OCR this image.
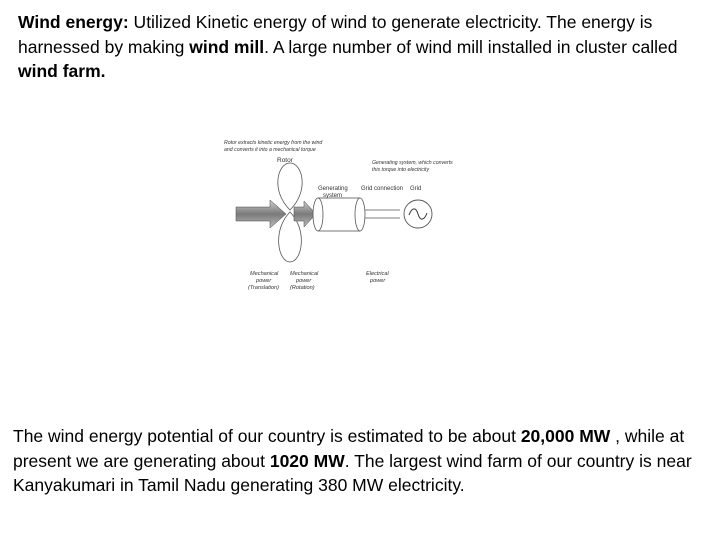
Wind energy: Utilized Kinetic energy of wind to generate electricity. The energy is harnessed by making wind mill. A large number of wind mill installed in cluster called wind farm.

Rotor extracts kinetic energy from the wind
and converts it into a mechanical torque
Rotor
Generating
system
Grid connection Grid
Generating system, which converts
this torque into electricity
Mechanical
power
(Translation)
Mechanical
power
(Rotation)
Electrical
power

The wind energy potential of our country is estimated to be about 20,000 MW , while at present we are generating about 1020 MW. The largest wind farm of our country is near Kanyakumari in Tamil Nadu generating 380 MW electricity.
